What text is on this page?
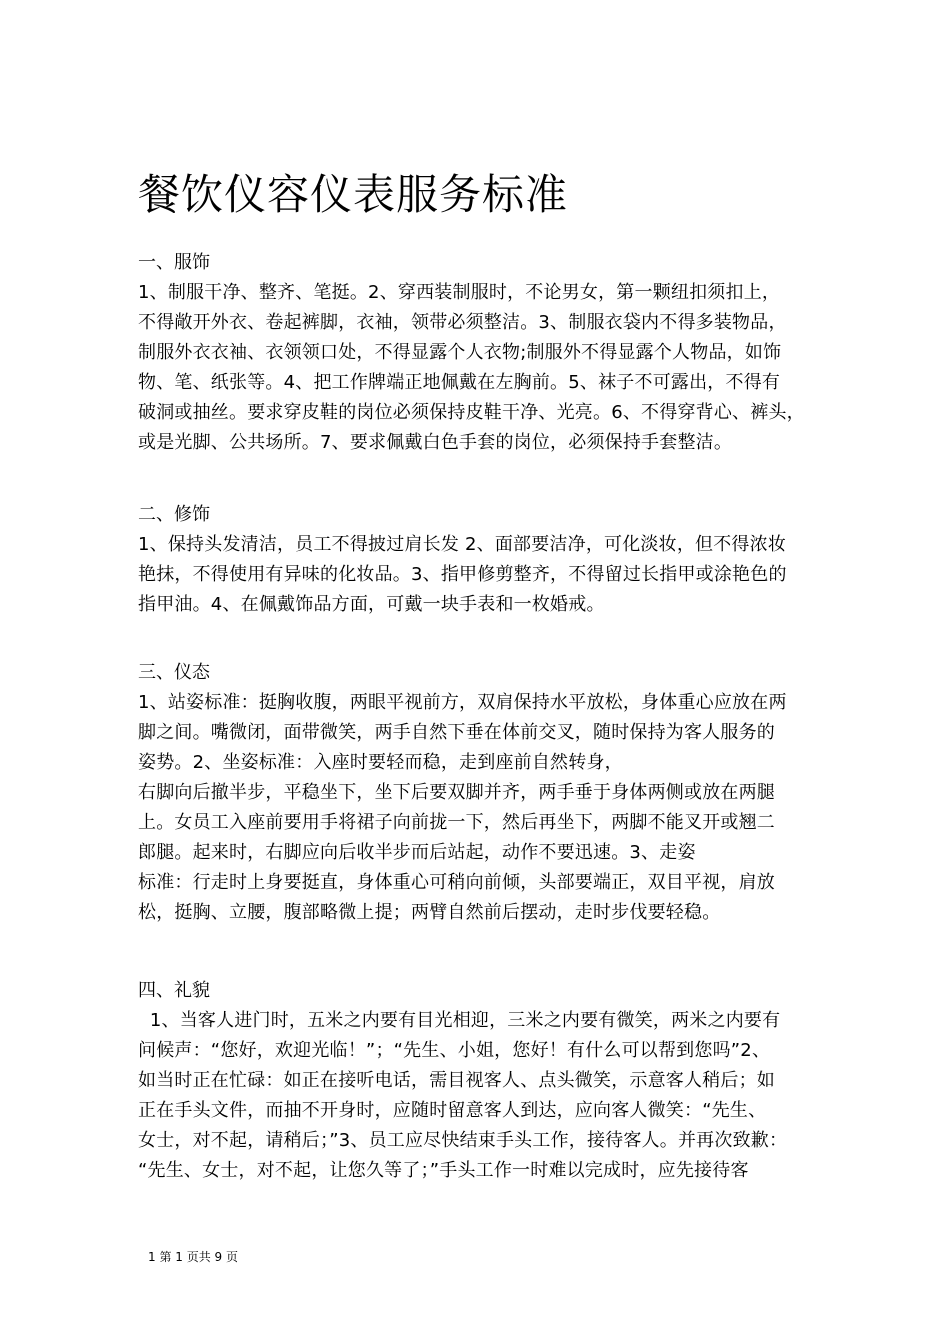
餐饮仪容仪表服务标准
一、服饰
1、制服干净、整齐、笔挺。2、穿西装制服时，不论男女，第一颗纽扣须扣上，
不得敞开外衣、卷起裤脚，衣袖，领带必须整洁。3、制服衣袋内不得多装物品，
制服外衣衣袖、衣领领口处，不得显露个人衣物;制服外不得显露个人物品，如饰
物、笔、纸张等。4、把工作牌端正地佩戴在左胸前。5、袜子不可露出，不得有
破洞或抽丝。要求穿皮鞋的岗位必须保持皮鞋干净、光亮。6、不得穿背心、裤头，
或是光脚、公共场所。7、要求佩戴白色手套的岗位，必须保持手套整洁。
二、修饰
1、保持头发清洁，员工不得披过肩长发 2、面部要洁净，可化淡妆，但不得浓妆
艳抹，不得使用有异味的化妆品。3、指甲修剪整齐，不得留过长指甲或涂艳色的
指甲油。4、在佩戴饰品方面，可戴一块手表和一枚婚戒。
三、仪态
1、站姿标准：挺胸收腹，两眼平视前方，双肩保持水平放松，身体重心应放在两
脚之间。嘴微闭，面带微笑，两手自然下垂在体前交叉，随时保持为客人服务的
姿势。2、坐姿标准：入座时要轻而稳，走到座前自然转身，
右脚向后撤半步，平稳坐下，坐下后要双脚并齐，两手垂于身体两侧或放在两腿
上。女员工入座前要用手将裙子向前拢一下，然后再坐下，两脚不能叉开或翘二
郎腿。起来时，右脚应向后收半步而后站起，动作不要迅速。3、走姿
标准：行走时上身要挺直，身体重心可稍向前倾，头部要端正，双目平视，肩放
松，挺胸、立腰，腹部略微上提；两臂自然前后摆动，走时步伐要轻稳。
四、礼貌
1、当客人进门时，五米之内要有目光相迎，三米之内要有微笑，两米之内要有
问候声：“您好，欢迎光临！”；“先生、小姐，您好！有什么可以帮到您吗”2、
如当时正在忙碌：如正在接听电话，需目视客人、点头微笑，示意客人稍后；如
正在手头文件，而抽不开身时，应随时留意客人到达，应向客人微笑：“先生、
女士，对不起，请稍后；”3、员工应尽快结束手头工作，接待客人。并再次致歉：
“先生、女士，对不起，让您久等了；”手头工作一时难以完成时，应先接待客
1 第 1 页共 9 页
